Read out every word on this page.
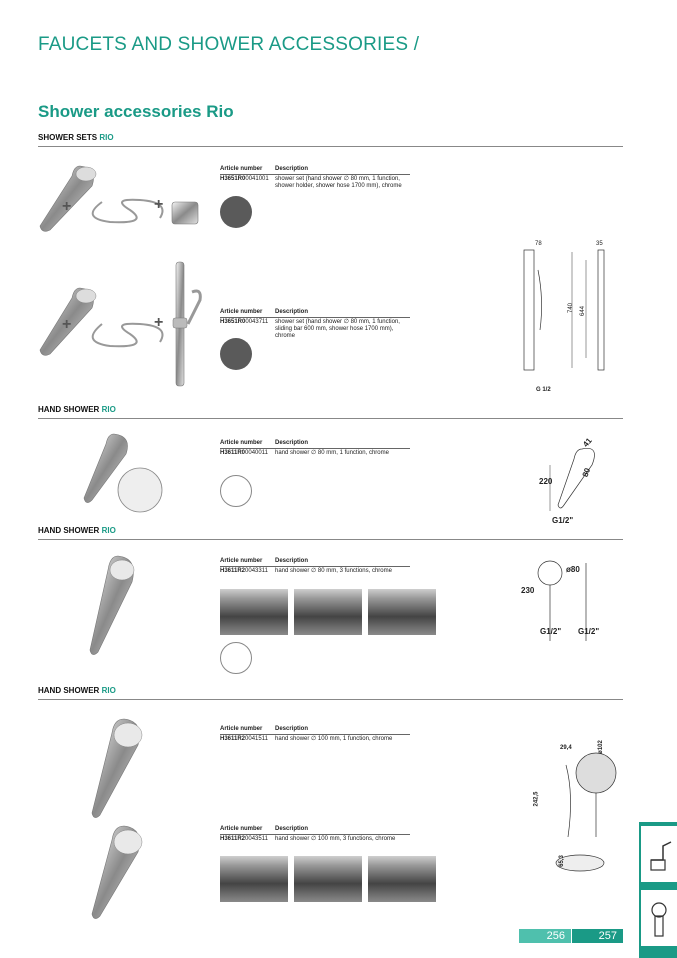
FAUCETS AND SHOWER ACCESSORIES /
Shower accessories Rio
SHOWER SETS RIO
HAND SHOWER RIO
HAND SHOWER RIO
HAND SHOWER RIO
Article number	Description
H3651R00041001	shower set (hand shower ∅ 80 mm, 1 function, shower holder, shower hose 1700 mm), chrome
Article number	Description
H3651R00043711	shower set (hand shower ∅ 80 mm, 1 function, sliding bar 600 mm, shower hose 1700 mm), chrome
Article number	Description
H3611R00040011	hand shower ∅ 80 mm, 1 function, chrome
Article number	Description
H3611R20043311	hand shower ∅ 80 mm, 3 functions, chrome
Article number	Description
H3611R20041511	hand shower ∅ 100 mm, 1 function, chrome
Article number	Description
H3611R20043511	hand shower ∅ 100 mm, 3 functions, chrome
+	+
+	+
78	35
740 644
G 1/2
41
80
220
G1/2"
ø80
230
G1/2" G1/2"
29,4	ø102
242,5
65,3
256	257
